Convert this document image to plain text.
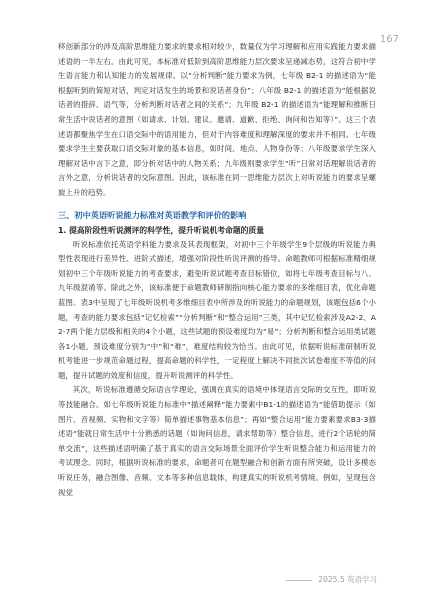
167

移创新部分的涉及高阶思维能力要求的要求相对较少，数量仅为学习理解和应用实践能力要求描述语的一半左右。由此可见，本标准对低阶到高阶思维能力层次要求呈递减态势，这符合初中学生语言能力和认知能力的发展规律。以“分析判断”能力要求为例，七年级 B2-1 的描述语为“能根据听到的简短对话，判定对话发生的场景和说话者身份”；八年级 B2-1 的描述语为“能根据说话者的措辞、语气等，分析判断对话者之间的关系”；九年级 B2-1 的描述语为“能理解和推断日常生活中说话者的意图（如请求、计划、建议、邀请、道歉、拒绝、询问和告知等）”。这三个表述语都聚焦学生在口语交际中的语用能力，但对于内容难度和理解深度的要求并不相同。七年级要求学生主要获取口语交际对象的基本信息，如时间、地点、人物身份等；八年级要求学生深入理解对话中言下之意，即分析对话中的人物关系；九年级则要求学生“听”日常对话理解说话者的言外之意，分析说话者的交际意图。因此，该标准在同一思维能力层次上对听说能力的要求呈螺旋上升的趋势。

三、初中英语听说能力标准对英语教学和评价的影响
1. 提高阶段性听说测评的科学性，提升听说机考命题的质量

听说标准依托英语学科能力要求及其表现框架，对初中三个年级学生9个层级的听说能力典型性表现进行差异性、进阶式描述，增强对阶段性听说评测的指导。命题教师可根据标准精细规划初中三个年级听说能力的考查要求，避免听说试题考查目标错位，如将七年级考查目标与八、九年级混淆等。除此之外，该标准便于命题教师研制指向核心能力要求的多维细目表，优化命题蓝图。表3中呈现了七年级听说机考多维细目表中所涉及的听说能力的命题规划，该题包括6个小题，考查的能力要求包括“记忆检索”“分析判断”和“整合运用”三类，其中记忆检索涉及A2-2、A2-7两个能力层级和相关的4个小题，这些试题的预设难度均为“易”；分析判断和整合运用类试题各1小题，预设难度分别为“中”和“难”，难度结构较为恰当。由此可见，依据听说标准研制听说机考能进一步规范命题过程，提高命题的科学性，一定程度上解决不同批次试卷难度不等值的问题，提升试题的效度和信度，提升听说测评的科学性。

其次，听说标准遵循交际语言学理论，强调在真实的语境中体现语言交际的交互性，即听说等技能融合。如七年级听说能力标准中“描述阐释”能力要素中B1-1的描述语为“能借助提示（如图片、音视频、实物和文字等）简单描述事物基本信息”；再如“整合运用”能力要素要求B3-3描述语“能就日常生活中十分熟悉的话题（如询问信息，请求帮助等）整合信息，进行2个话轮的简单交流”，这些描述语明确了基于真实的语言交际场景全面评价学生听说整合能力和运用能力的考试理念。同时，根据听说标准的要求，命题者可在题型融合和创新方面有所突破，设计多模态听说任务，融合图像、音频、文本等多种信息载体，构建真实的听说机考情境。例如，呈现包含视觉

2025.5 英语学习
